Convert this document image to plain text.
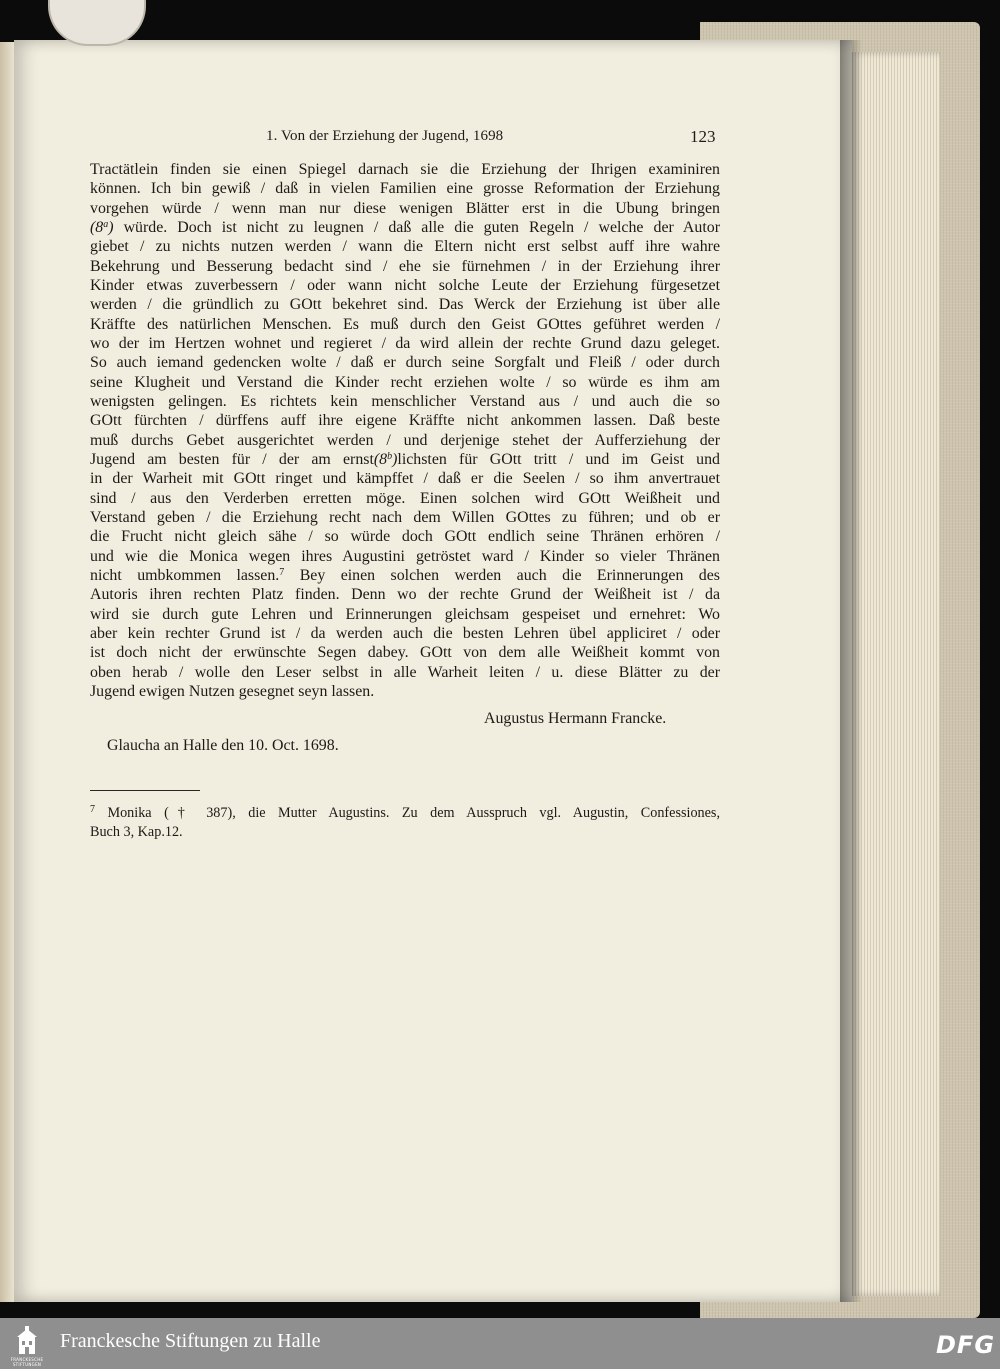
1. Von der Erziehung der Jugend, 1698	123
Tractätlein finden sie einen Spiegel darnach sie die Erziehung der Ihrigen examiniren
können. Ich bin gewiß / daß in vielen Familien eine grosse Reformation der Erziehung
vorgehen würde / wenn man nur diese wenigen Blätter erst in die Ubung bringen
(8$^a$) würde. Doch ist nicht zu leugnen / daß alle die guten Regeln / welche der Autor
giebet / zu nichts nutzen werden / wann die Eltern nicht erst selbst auff ihre wahre
Bekehrung und Besserung bedacht sind / ehe sie fürnehmen / in der Erziehung ihrer
Kinder etwas zuverbessern / oder wann nicht solche Leute der Erziehung fürgesetzet
werden / die gründlich zu GOtt bekehret sind. Das Werck der Erziehung ist über alle
Kräffte des natürlichen Menschen. Es muß durch den Geist GOttes geführet werden /
wo der im Hertzen wohnet und regieret / da wird allein der rechte Grund dazu geleget.
So auch iemand gedencken wolte / daß er durch seine Sorgfalt und Fleiß / oder durch
seine Klugheit und Verstand die Kinder recht erziehen wolte / so würde es ihm am
wenigsten gelingen. Es richtets kein menschlicher Verstand aus / und auch die so
GOtt fürchten / dürffens auff ihre eigene Kräffte nicht ankommen lassen. Daß beste
muß durchs Gebet ausgerichtet werden / und derjenige stehet der Aufferziehung der
Jugend am besten für / der am ernst(8$^b$)lichsten für GOtt tritt / und im Geist und
in der Warheit mit GOtt ringet und kämpffet / daß er die Seelen / so ihm anvertrauet
sind / aus den Verderben erretten möge. Einen solchen wird GOtt Weißheit und
Verstand geben / die Erziehung recht nach dem Willen GOttes zu führen; und ob er
die Frucht nicht gleich sähe / so würde doch GOtt endlich seine Thränen erhören /
und wie die Monica wegen ihres Augustini getröstet ward / Kinder so vieler Thränen
nicht umbkommen lassen.$^7$ Bey einen solchen werden auch die Erinnerungen des
Autoris ihren rechten Platz finden. Denn wo der rechte Grund der Weißheit ist / da
wird sie durch gute Lehren und Erinnerungen gleichsam gespeiset und ernehret: Wo
aber kein rechter Grund ist / da werden auch die besten Lehren übel appliciret / oder
ist doch nicht der erwünschte Segen dabey. GOtt von dem alle Weißheit kommt von
oben herab / wolle den Leser selbst in alle Warheit leiten / u. diese Blätter zu der
Jugend ewigen Nutzen gesegnet seyn lassen.
Augustus Hermann Francke.
Glaucha an Halle den 10. Oct. 1698.
$^7$ Monika († 387), die Mutter Augustins. Zu dem Ausspruch vgl. Augustin, Confessiones,
Buch 3, Kap.12.
FRANCKESCHE STIFTUNGEN
Franckesche Stiftungen zu Halle	DFG
